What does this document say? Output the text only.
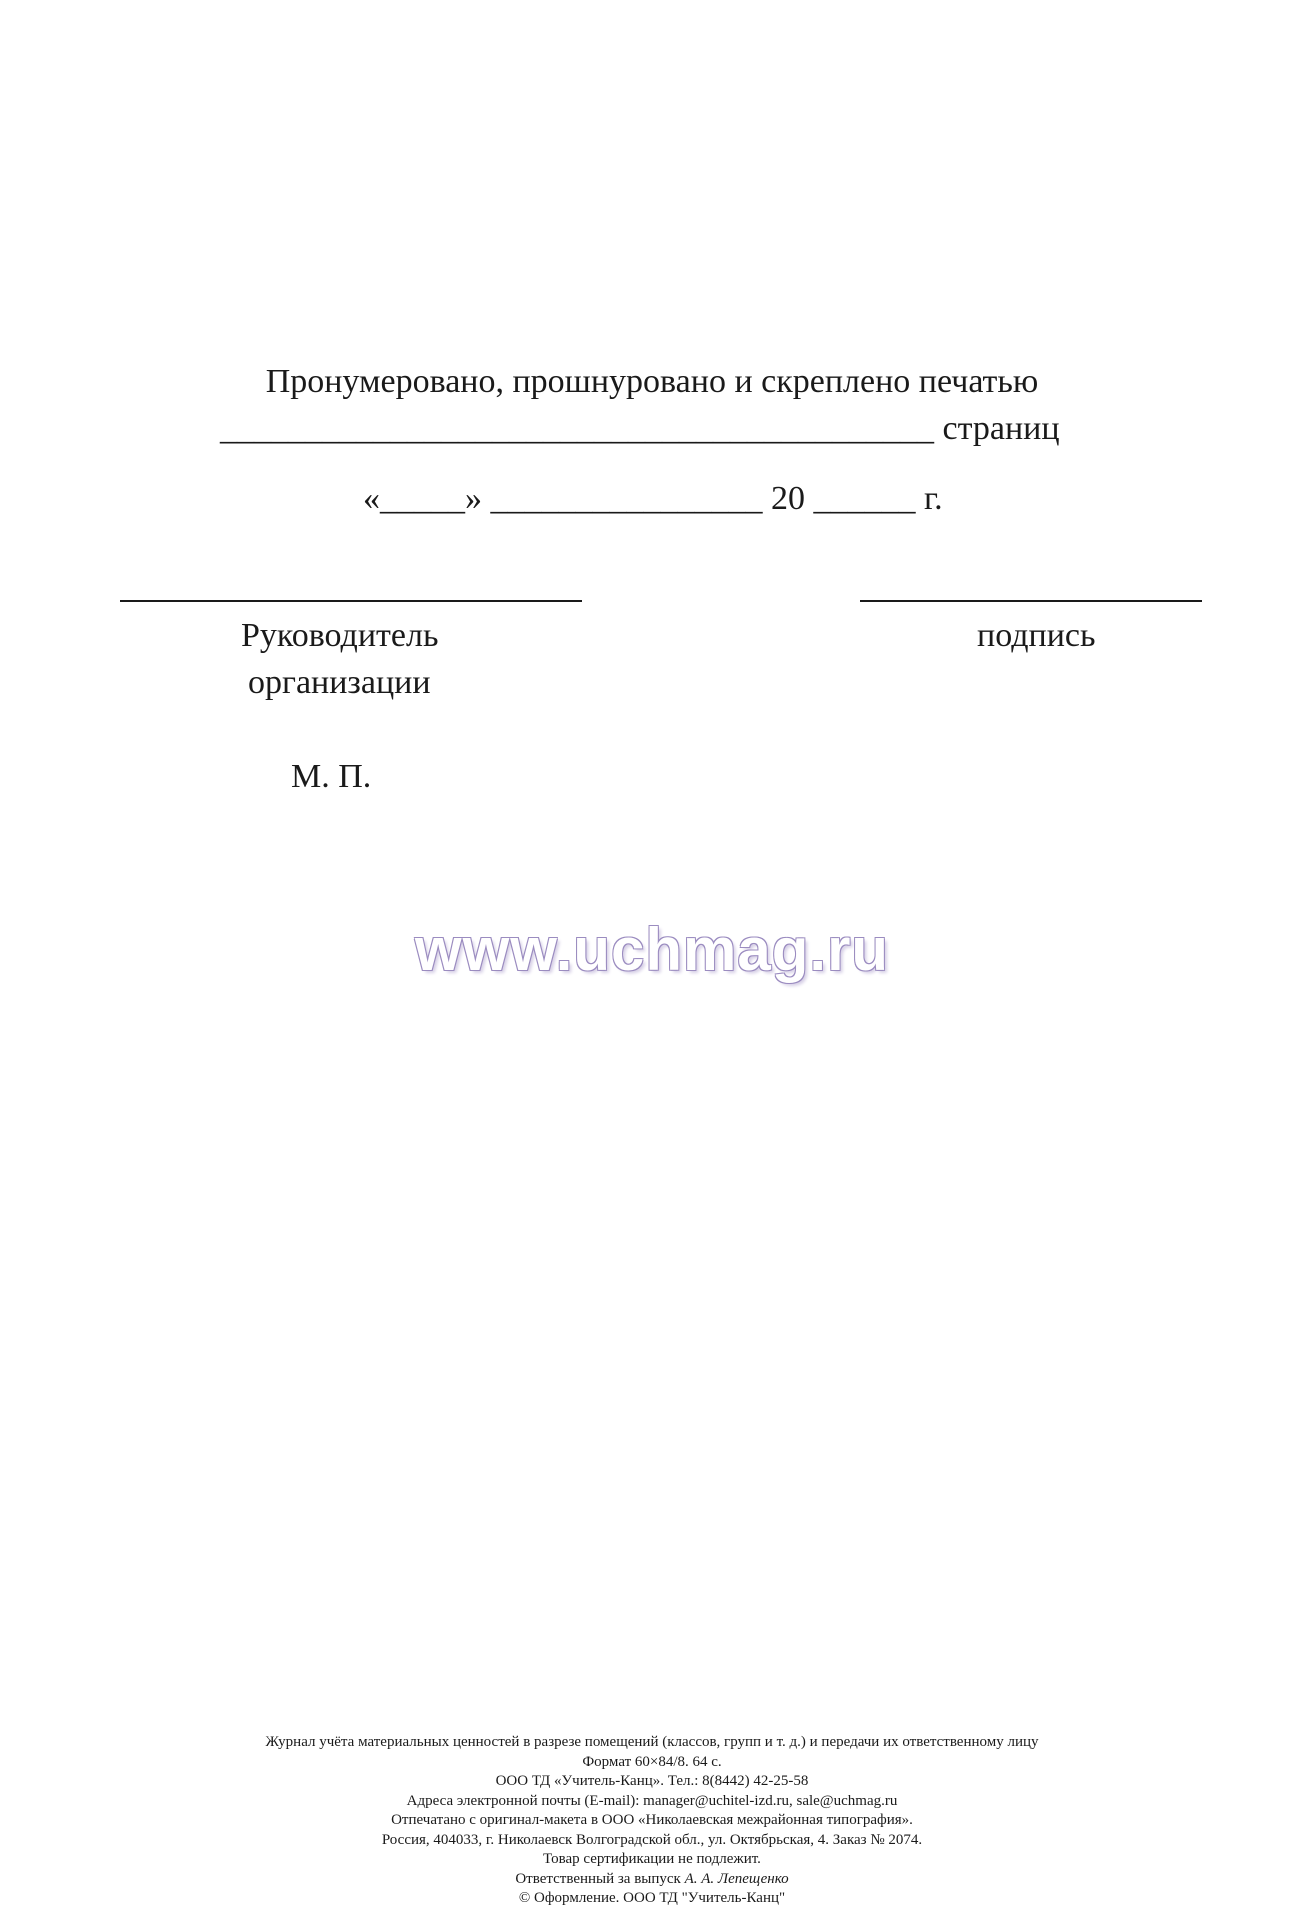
Пронумеровано, прошнуровано и скреплено печатью
__________________________________________ страниц
«_____» ________________ 20 ______ г.
Руководитель
организации
подпись
М. П.
www.uchmag.ru
Журнал учёта материальных ценностей в разрезе помещений (классов, групп и т. д.) и передачи их ответственному лицу
Формат 60×84/8. 64 с.
ООО ТД «Учитель-Канц». Тел.: 8(8442) 42-25-58
Адреса электронной почты (E-mail): manager@uchitel-izd.ru, sale@uchmag.ru
Отпечатано с оригинал-макета в ООО «Николаевская межрайонная типография».
Россия, 404033, г. Николаевск Волгоградской обл., ул. Октябрьская, 4. Заказ № 2074.
Товар сертификации не подлежит.
Ответственный за выпуск А. А. Лепещенко
© Оформление. ООО ТД "Учитель-Канц"
